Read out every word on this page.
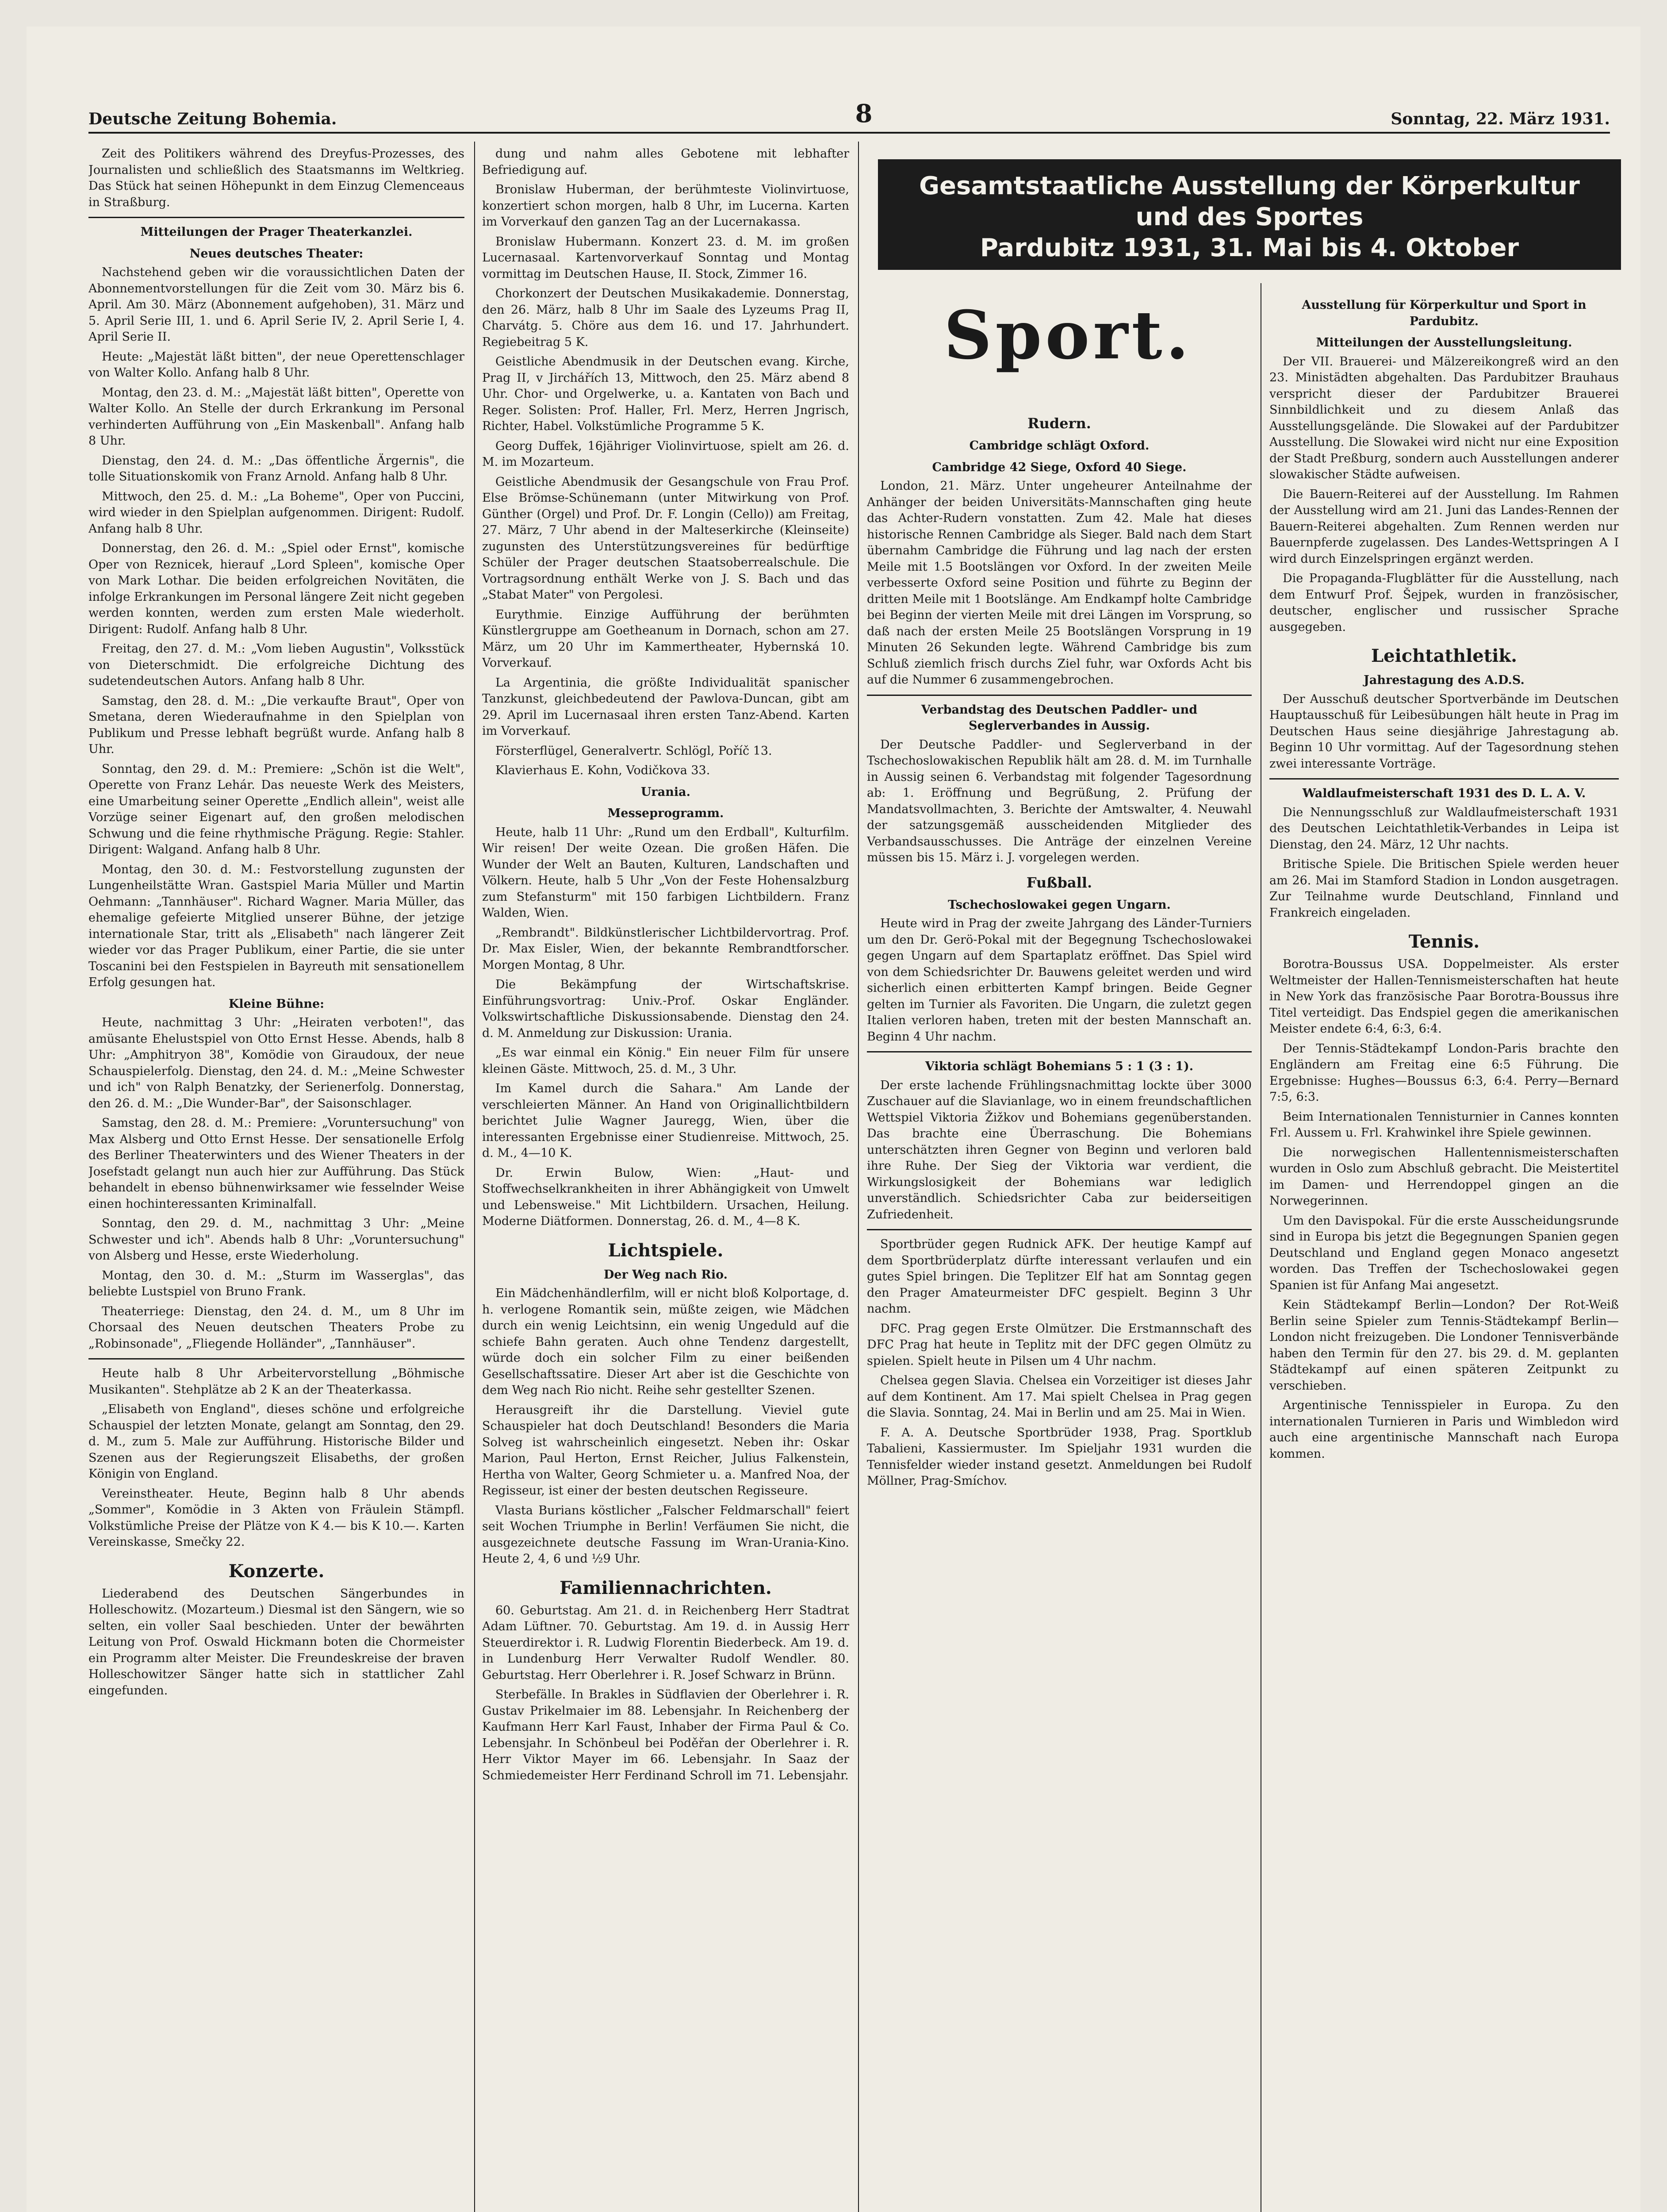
Deutsche Zeitung Bohemia.	8	Sonntag, 22. März 1931.

Zeit des Politikers während des Dreyfus-Prozesses, des Journalisten und schließlich des Staatsmanns im Weltkrieg. Das Stück hat seinen Höhepunkt in dem Einzug Clemenceaus in Straßburg.

Mitteilungen der Prager Theaterkanzlei.

Neues deutsches Theater:

Nachstehend geben wir die voraussichtlichen Daten der Abonnementvorstellungen für die Zeit vom 30. März bis 6. April. Am 30. März (Abonnement aufgehoben), 31. März und 5. April Serie III, 1. und 6. April Serie IV, 2. April Serie I, 4. April Serie II.

Heute: „Majestät läßt bitten", der neue Operettenschlager von Walter Kollo. Anfang halb 8 Uhr.

Montag, den 23. d. M.: „Majestät läßt bitten", Operette von Walter Kollo. An Stelle der durch Erkrankung im Personal verhinderten Aufführung von „Ein Maskenball". Anfang halb 8 Uhr.

Dienstag, den 24. d. M.: „Das öffentliche Ärgernis", die tolle Situationskomik von Franz Arnold. Anfang halb 8 Uhr.

Mittwoch, den 25. d. M.: „La Boheme", Oper von Puccini, wird wieder in den Spielplan aufgenommen. Dirigent: Rudolf. Anfang halb 8 Uhr.

Donnerstag, den 26. d. M.: „Spiel oder Ernst", komische Oper von Reznicek, hierauf „Lord Spleen", komische Oper von Mark Lothar. Die beiden erfolgreichen Novitäten, die infolge Erkrankungen im Personal längere Zeit nicht gegeben werden konnten, werden zum ersten Male wiederholt. Dirigent: Rudolf. Anfang halb 8 Uhr.

Freitag, den 27. d. M.: „Vom lieben Augustin", Volksstück von Dieterschmidt. Die erfolgreiche Dichtung des sudetendeutschen Autors. Anfang halb 8 Uhr.

Samstag, den 28. d. M.: „Die verkaufte Braut", Oper von Smetana, deren Wiederaufnahme in den Spielplan von Publikum und Presse lebhaft begrüßt wurde. Anfang halb 8 Uhr.

Sonntag, den 29. d. M.: Premiere: „Schön ist die Welt", Operette von Franz Lehár. Das neueste Werk des Meisters, eine Umarbeitung seiner Operette „Endlich allein", weist alle Vorzüge seiner Eigenart auf, den großen melodischen Schwung und die feine rhythmische Prägung. Regie: Stahler. Dirigent: Walgand. Anfang halb 8 Uhr.

Montag, den 30. d. M.: Festvorstellung zugunsten der Lungenheilstätte Wran. Gastspiel Maria Müller und Martin Oehmann: „Tannhäuser". Richard Wagner. Maria Müller, das ehemalige gefeierte Mitglied unserer Bühne, der jetzige internationale Star, tritt als „Elisabeth" nach längerer Zeit wieder vor das Prager Publikum, einer Partie, die sie unter Toscanini bei den Festspielen in Bayreuth mit sensationellem Erfolg gesungen hat.

Kleine Bühne:

Heute, nachmittag 3 Uhr: „Heiraten verboten!", das amüsante Ehelustspiel von Otto Ernst Hesse. Abends, halb 8 Uhr: „Amphitryon 38", Komödie von Giraudoux, der neue Schauspielerfolg. Dienstag, den 24. d. M.: „Meine Schwester und ich" von Ralph Benatzky, der Serienerfolg. Donnerstag, den 26. d. M.: „Die Wunder-Bar", der Saisonschlager.

Samstag, den 28. d. M.: Premiere: „Voruntersuchung" von Max Alsberg und Otto Ernst Hesse. Der sensationelle Erfolg des Berliner Theaterwinters und des Wiener Theaters in der Josefstadt gelangt nun auch hier zur Aufführung. Das Stück behandelt in ebenso bühnenwirksamer wie fesselnder Weise einen hochinteressanten Kriminalfall.

Sonntag, den 29. d. M., nachmittag 3 Uhr: „Meine Schwester und ich". Abends halb 8 Uhr: „Voruntersuchung" von Alsberg und Hesse, erste Wiederholung.

Montag, den 30. d. M.: „Sturm im Wasserglas", das beliebte Lustspiel von Bruno Frank.

Theaterriege: Dienstag, den 24. d. M., um 8 Uhr im Chorsaal des Neuen deutschen Theaters Probe zu „Robinsonade", „Fliegende Holländer", „Tannhäuser".

Heute halb 8 Uhr Arbeitervorstellung „Böhmische Musikanten". Stehplätze ab 2 K an der Theaterkassa.

„Elisabeth von England", dieses schöne und erfolgreiche Schauspiel der letzten Monate, gelangt am Sonntag, den 29. d. M., zum 5. Male zur Aufführung. Historische Bilder und Szenen aus der Regierungszeit Elisabeths, der großen Königin von England.

Vereinstheater. Heute, Beginn halb 8 Uhr abends „Sommer", Komödie in 3 Akten von Fräulein Stämpfl. Volkstümliche Preise der Plätze von K 4.— bis K 10.—. Karten Vereinskasse, Smečky 22.

Konzerte.

Liederabend des Deutschen Sängerbundes in Holleschowitz. (Mozarteum.) Diesmal ist den Sängern, wie so selten, ein voller Saal beschieden. Unter der bewährten Leitung von Prof. Oswald Hickmann boten die Chormeister ein Programm alter Meister. Die Freundeskreise der braven Holleschowitzer Sänger hatte sich in stattlicher Zahl eingefunden.

dung und nahm alles Gebotene mit lebhafter Befriedigung auf.

Bronislaw Huberman, der berühmteste Violinvirtuose, konzertiert schon morgen, halb 8 Uhr, im Lucerna. Karten im Vorverkauf den ganzen Tag an der Lucernakassa.

Bronislaw Hubermann. Konzert 23. d. M. im großen Lucernasaal. Kartenvorverkauf Sonntag und Montag vormittag im Deutschen Hause, II. Stock, Zimmer 16.

Chorkonzert der Deutschen Musikakademie. Donnerstag, den 26. März, halb 8 Uhr im Saale des Lyzeums Prag II, Charvátg. 5. Chöre aus dem 16. und 17. Jahrhundert. Regiebeitrag 5 K.

Geistliche Abendmusik in der Deutschen evang. Kirche, Prag II, v Jirchářích 13, Mittwoch, den 25. März abend 8 Uhr. Chor- und Orgelwerke, u. a. Kantaten von Bach und Reger. Solisten: Prof. Haller, Frl. Merz, Herren Jngrisch, Richter, Habel. Volkstümliche Programme 5 K.

Georg Duffek, 16jähriger Violinvirtuose, spielt am 26. d. M. im Mozarteum.

Geistliche Abendmusik der Gesangschule von Frau Prof. Else Brömse-Schünemann (unter Mitwirkung von Prof. Günther (Orgel) und Prof. Dr. F. Longin (Cello)) am Freitag, 27. März, 7 Uhr abend in der Malteserkirche (Kleinseite) zugunsten des Unterstützungsvereines für bedürftige Schüler der Prager deutschen Staatsoberrealschule. Die Vortragsordnung enthält Werke von J. S. Bach und das „Stabat Mater" von Pergolesi.

Eurythmie. Einzige Aufführung der berühmten Künstlergruppe am Goetheanum in Dornach, schon am 27. März, um 20 Uhr im Kammertheater, Hybernská 10. Vorverkauf.

La Argentinia, die größte Individualität spanischer Tanzkunst, gleichbedeutend der Pawlova-Duncan, gibt am 29. April im Lucernasaal ihren ersten Tanz-Abend. Karten im Vorverkauf.

Försterflügel, Generalvertr. Schlögl, Poříč 13.

Klavierhaus E. Kohn, Vodičkova 33.

Urania.

Messeprogramm.

Heute, halb 11 Uhr: „Rund um den Erdball", Kulturfilm. Wir reisen! Der weite Ozean. Die großen Häfen. Die Wunder der Welt an Bauten, Kulturen, Landschaften und Völkern. Heute, halb 5 Uhr „Von der Feste Hohensalzburg zum Stefansturm" mit 150 farbigen Lichtbildern. Franz Walden, Wien.

„Rembrandt". Bildkünstlerischer Lichtbildervortrag. Prof. Dr. Max Eisler, Wien, der bekannte Rembrandtforscher. Morgen Montag, 8 Uhr.

Die Bekämpfung der Wirtschaftskrise. Einführungsvortrag: Univ.-Prof. Oskar Engländer. Volkswirtschaftliche Diskussionsabende. Dienstag den 24. d. M. Anmeldung zur Diskussion: Urania.

„Es war einmal ein König." Ein neuer Film für unsere kleinen Gäste. Mittwoch, 25. d. M., 3 Uhr.

Im Kamel durch die Sahara." Am Lande der verschleierten Männer. An Hand von Originallichtbildern berichtet Julie Wagner Jauregg, Wien, über die interessanten Ergebnisse einer Studienreise. Mittwoch, 25. d. M., 4—10 K.

Dr. Erwin Bulow, Wien: „Haut- und Stoffwechselkrankheiten in ihrer Abhängigkeit von Umwelt und Lebensweise." Mit Lichtbildern. Ursachen, Heilung. Moderne Diätformen. Donnerstag, 26. d. M., 4—8 K.

Lichtspiele.

Der Weg nach Rio.

Ein Mädchenhändlerfilm, will er nicht bloß Kolportage, d. h. verlogene Romantik sein, müßte zeigen, wie Mädchen durch ein wenig Leichtsinn, ein wenig Ungeduld auf die schiefe Bahn geraten. Auch ohne Tendenz dargestellt, würde doch ein solcher Film zu einer beißenden Gesellschaftssatire. Dieser Art aber ist die Geschichte von dem Weg nach Rio nicht. Reihe sehr gestellter Szenen.

Herausgreift ihr die Darstellung. Vieviel gute Schauspieler hat doch Deutschland! Besonders die Maria Solveg ist wahrscheinlich eingesetzt. Neben ihr: Oskar Marion, Paul Herton, Ernst Reicher, Julius Falkenstein, Hertha von Walter, Georg Schmieter u. a. Manfred Noa, der Regisseur, ist einer der besten deutschen Regisseure.

Vlasta Burians köstlicher „Falscher Feldmarschall" feiert seit Wochen Triumphe in Berlin! Verfäumen Sie nicht, die ausgezeichnete deutsche Fassung im Wran-Urania-Kino. Heute 2, 4, 6 und ½9 Uhr.

Familiennachrichten.

60. Geburtstag. Am 21. d. in Reichenberg Herr Stadtrat Adam Lüftner. 70. Geburtstag. Am 19. d. in Aussig Herr Steuerdirektor i. R. Ludwig Florentin Biederbeck. Am 19. d. in Lundenburg Herr Verwalter Rudolf Wendler. 80. Geburtstag. Herr Oberlehrer i. R. Josef Schwarz in Brünn.

Sterbefälle. In Brakles in Südflavien der Oberlehrer i. R. Gustav Prikelmaier im 88. Lebensjahr. In Reichenberg der Kaufmann Herr Karl Faust, Inhaber der Firma Paul & Co. Lebensjahr. In Schönbeul bei Poděřan der Oberlehrer i. R. Herr Viktor Mayer im 66. Lebensjahr. In Saaz der Schmiedemeister Herr Ferdinand Schroll im 71. Lebensjahr.

Gesamtstaatliche Ausstellung der Körperkultur
und des Sportes
Pardubitz 1931, 31. Mai bis 4. Oktober
Sport.

Rudern.

Cambridge schlägt Oxford.

Cambridge 42 Siege, Oxford 40 Siege.

London, 21. März. Unter ungeheurer Anteilnahme der Anhänger der beiden Universitäts-Mannschaften ging heute das Achter-Rudern vonstatten. Zum 42. Male hat dieses historische Rennen Cambridge als Sieger. Bald nach dem Start übernahm Cambridge die Führung und lag nach der ersten Meile mit 1.5 Bootslängen vor Oxford. In der zweiten Meile verbesserte Oxford seine Position und führte zu Beginn der dritten Meile mit 1 Bootslänge. Am Endkampf holte Cambridge bei Beginn der vierten Meile mit drei Längen im Vorsprung, so daß nach der ersten Meile 25 Bootslängen Vorsprung in 19 Minuten 26 Sekunden legte. Während Cambridge bis zum Schluß ziemlich frisch durchs Ziel fuhr, war Oxfords Acht bis auf die Nummer 6 zusammengebrochen.

Verbandstag des Deutschen Paddler- und Seglerverbandes in Aussig.

Der Deutsche Paddler- und Seglerverband in der Tschechoslowakischen Republik hält am 28. d. M. im Turnhalle in Aussig seinen 6. Verbandstag mit folgender Tagesordnung ab: 1. Eröffnung und Begrüßung, 2. Prüfung der Mandatsvollmachten, 3. Berichte der Amtswalter, 4. Neuwahl der satzungsgemäß ausscheidenden Mitglieder des Verbandsausschusses. Die Anträge der einzelnen Vereine müssen bis 15. März i. J. vorgelegen werden.

Fußball.

Tschechoslowakei gegen Ungarn.

Heute wird in Prag der zweite Jahrgang des Länder-Turniers um den Dr. Gerö-Pokal mit der Begegnung Tschechoslowakei gegen Ungarn auf dem Spartaplatz eröffnet. Das Spiel wird von dem Schiedsrichter Dr. Bauwens geleitet werden und wird sicherlich einen erbitterten Kampf bringen. Beide Gegner gelten im Turnier als Favoriten. Die Ungarn, die zuletzt gegen Italien verloren haben, treten mit der besten Mannschaft an. Beginn 4 Uhr nachm.

Viktoria schlägt Bohemians 5 : 1 (3 : 1).

Der erste lachende Frühlingsnachmittag lockte über 3000 Zuschauer auf die Slavianlage, wo in einem freundschaftlichen Wettspiel Viktoria Žižkov und Bohemians gegenüberstanden. Das brachte eine Überraschung. Die Bohemians unterschätzten ihren Gegner von Beginn und verloren bald ihre Ruhe. Der Sieg der Viktoria war verdient, die Wirkungslosigkeit der Bohemians war lediglich unverständlich. Schiedsrichter Caba zur beiderseitigen Zufriedenheit.

Sportbrüder gegen Rudnick AFK. Der heutige Kampf auf dem Sportbrüderplatz dürfte interessant verlaufen und ein gutes Spiel bringen. Die Teplitzer Elf hat am Sonntag gegen den Prager Amateurmeister DFC gespielt. Beginn 3 Uhr nachm.

DFC. Prag gegen Erste Olmützer. Die Erstmannschaft des DFC Prag hat heute in Teplitz mit der DFC gegen Olmütz zu spielen. Spielt heute in Pilsen um 4 Uhr nachm.

Chelsea gegen Slavia. Chelsea ein Vorzeitiger ist dieses Jahr auf dem Kontinent. Am 17. Mai spielt Chelsea in Prag gegen die Slavia. Sonntag, 24. Mai in Berlin und am 25. Mai in Wien.

F. A. A. Deutsche Sportbrüder 1938, Prag. Sportklub Tabalieni, Kassiermuster. Im Spieljahr 1931 wurden die Tennisfelder wieder instand gesetzt. Anmeldungen bei Rudolf Möllner, Prag-Smíchov.

Ausstellung für Körperkultur und Sport in Pardubitz.

Mitteilungen der Ausstellungsleitung.

Der VII. Brauerei- und Mälzereikongreß wird an den 23. Ministädten abgehalten. Das Pardubitzer Brauhaus verspricht dieser der Pardubitzer Brauerei Sinnbildlichkeit und zu diesem Anlaß das Ausstellungsgelände. Die Slowakei auf der Pardubitzer Ausstellung. Die Slowakei wird nicht nur eine Exposition der Stadt Preßburg, sondern auch Ausstellungen anderer slowakischer Städte aufweisen.

Die Bauern-Reiterei auf der Ausstellung. Im Rahmen der Ausstellung wird am 21. Juni das Landes-Rennen der Bauern-Reiterei abgehalten. Zum Rennen werden nur Bauernpferde zugelassen. Des Landes-Wettspringen A I wird durch Einzelspringen ergänzt werden.

Die Propaganda-Flugblätter für die Ausstellung, nach dem Entwurf Prof. Šejpek, wurden in französischer, deutscher, englischer und russischer Sprache ausgegeben.

Leichtathletik.

Jahrestagung des A.D.S.

Der Ausschuß deutscher Sportverbände im Deutschen Hauptausschuß für Leibesübungen hält heute in Prag im Deutschen Haus seine diesjährige Jahrestagung ab. Beginn 10 Uhr vormittag. Auf der Tagesordnung stehen zwei interessante Vorträge.

Waldlaufmeisterschaft 1931 des D. L. A. V.

Die Nennungsschluß zur Waldlaufmeisterschaft 1931 des Deutschen Leichtathletik-Verbandes in Leipa ist Dienstag, den 24. März, 12 Uhr nachts.

Britische Spiele. Die Britischen Spiele werden heuer am 26. Mai im Stamford Stadion in London ausgetragen. Zur Teilnahme wurde Deutschland, Finnland und Frankreich eingeladen.

Tennis.

Borotra-Boussus USA. Doppelmeister. Als erster Weltmeister der Hallen-Tennismeisterschaften hat heute in New York das französische Paar Borotra-Boussus ihre Titel verteidigt. Das Endspiel gegen die amerikanischen Meister endete 6:4, 6:3, 6:4.

Der Tennis-Städtekampf London-Paris brachte den Engländern am Freitag eine 6:5 Führung. Die Ergebnisse: Hughes—Boussus 6:3, 6:4. Perry—Bernard 7:5, 6:3.

Beim Internationalen Tennisturnier in Cannes konnten Frl. Aussem u. Frl. Krahwinkel ihre Spiele gewinnen.

Die norwegischen Hallentennismeisterschaften wurden in Oslo zum Abschluß gebracht. Die Meistertitel im Damen- und Herrendoppel gingen an die Norwegerinnen.

Um den Davispokal. Für die erste Ausscheidungsrunde sind in Europa bis jetzt die Begegnungen Spanien gegen Deutschland und England gegen Monaco angesetzt worden. Das Treffen der Tschechoslowakei gegen Spanien ist für Anfang Mai angesetzt.

Kein Städtekampf Berlin—London? Der Rot-Weiß Berlin seine Spieler zum Tennis-Städtekampf Berlin—London nicht freizugeben. Die Londoner Tennisverbände haben den Termin für den 27. bis 29. d. M. geplanten Städtekampf auf einen späteren Zeitpunkt zu verschieben.

Argentinische Tennisspieler in Europa. Zu den internationalen Turnieren in Paris und Wimbledon wird auch eine argentinische Mannschaft nach Europa kommen.
